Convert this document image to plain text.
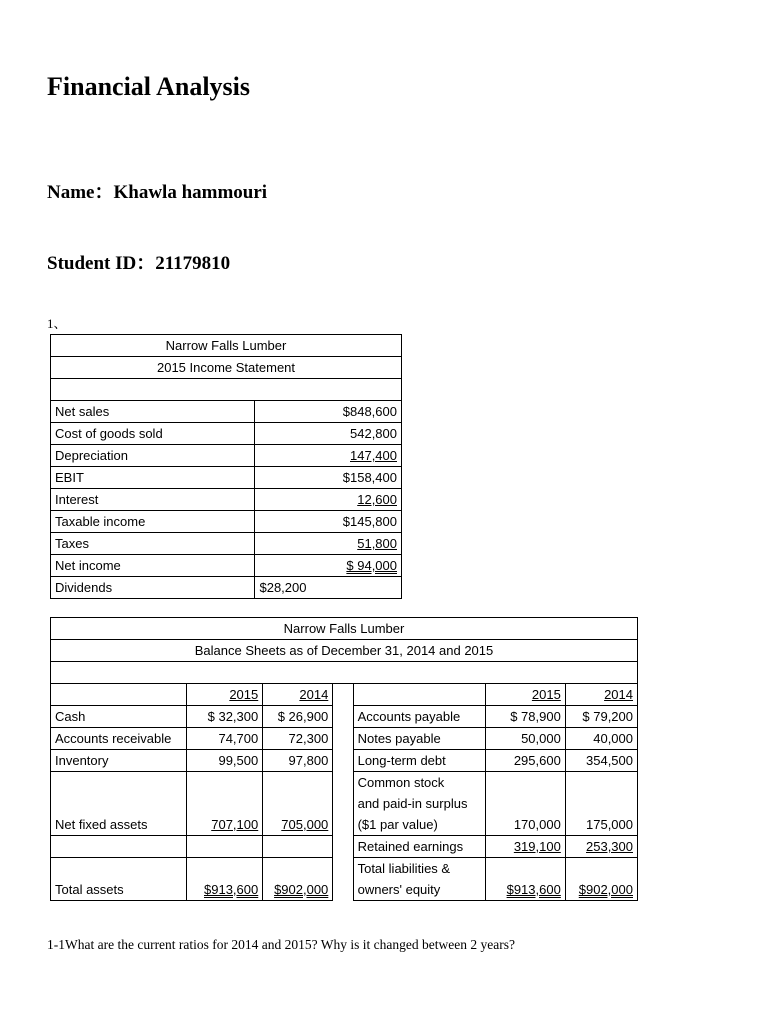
Financial Analysis
Name：Khawla hammouri
Student ID：21179810
1、
Narrow Falls Lumber	
2015 Income Statement	

Net sales	$848,600
Cost of goods sold	542,800
Depreciation	147,400
EBIT	$158,400
Interest	12,600
Taxable income	$145,800
Taxes	51,800
Net income	$ 94,000
Dividends	$28,200
Narrow Falls Lumber						
Balance Sheets as of December 31, 2014 and 2015						

	2015	2014			2015	2014
Cash	$ 32,300	$ 26,900		Accounts payable	$ 78,900	$ 79,200
Accounts receivable	74,700	72,300		Notes payable	50,000	40,000
Inventory	99,500	97,800		Long-term debt	295,600	354,500
Net fixed assets	707,100	705,000		Common stock	170,000	175,000
				and paid-in surplus		
				($1 par value)		
				Retained earnings	319,100	253,300
Total assets	$913,600	$902,000		Total liabilities &	$913,600	$902,000
				owners' equity		
1-1What are the current ratios for 2014 and 2015? Why is it changed between 2 years?
